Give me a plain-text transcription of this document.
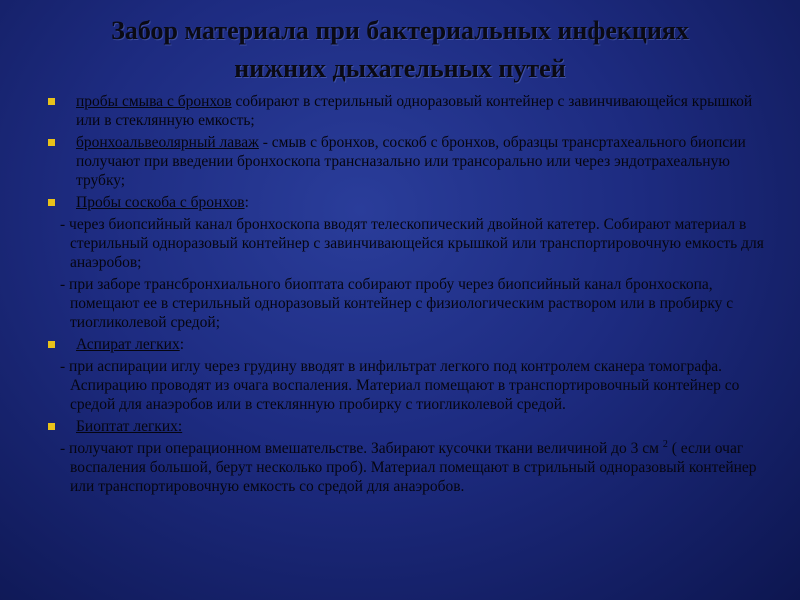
Забор материала при бактериальных инфекциях
нижних дыхательных путей
пробы смыва с бронхов собирают в стерильный одноразовый контейнер с завинчивающейся крышкой или в стеклянную емкость;
бронхоальвеолярный лаваж - смыв с бронхов, соскоб с бронхов, образцы трансртахеального биопсии получают при введении бронхоскопа трансназально или трансорально или через эндотрахеальную трубку;
Пробы соскоба с бронхов:
- через биопсийный канал бронхоскопа вводят телескопический двойной катетер. Собирают материал в стерильный одноразовый контейнер с завинчивающейся крышкой или транспортировочную емкость для анаэробов;
- при заборе трансбронхиального биоптата собирают пробу через биопсийный канал бронхоскопа, помещают ее в стерильный одноразовый контейнер с физиологическим раствором или в пробирку с тиогликолевой средой;
Аспират легких:
- при аспирации иглу через грудину вводят в инфильтрат легкого под контролем сканера томографа. Аспирацию проводят из очага воспаления. Материал помещают в транспортировочный контейнер со средой для анаэробов или в стеклянную пробирку с тиогликолевой средой.
Биоптат легких:
- получают при операционном вмешательстве. Забирают кусочки ткани величиной до 3 см $^2$ ( если очаг воспаления большой, берут несколько проб). Материал помещают в стрильный одноразовый контейнер или транспортировочную емкость со средой для анаэробов.
